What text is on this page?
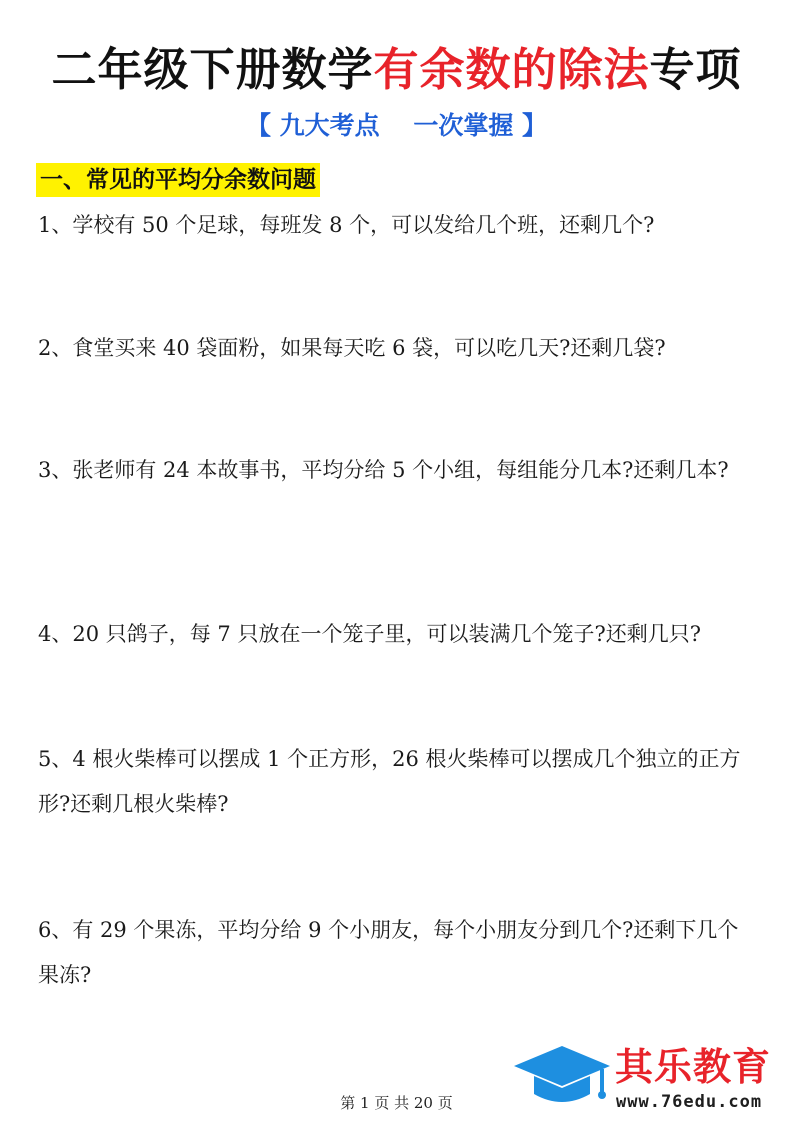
二年级下册数学有余数的除法专项
【 九大考点　 一次掌握 】
一、常见的平均分余数问题
1、学校有 50 个足球，每班发 8 个，可以发给几个班，还剩几个?
2、食堂买来 40 袋面粉，如果每天吃 6 袋，可以吃几天?还剩几袋?
3、张老师有 24 本故事书，平均分给 5 个小组，每组能分几本?还剩几本?
4、20 只鸽子，每 7 只放在一个笼子里，可以装满几个笼子?还剩几只?
5、4 根火柴棒可以摆成 1 个正方形，26 根火柴棒可以摆成几个独立的正方形?还剩几根火柴棒?
6、有 29 个果冻，平均分给 9 个小朋友，每个小朋友分到几个?还剩下几个果冻?
第 1 页 共 20 页
其乐教育
www.76edu.com
